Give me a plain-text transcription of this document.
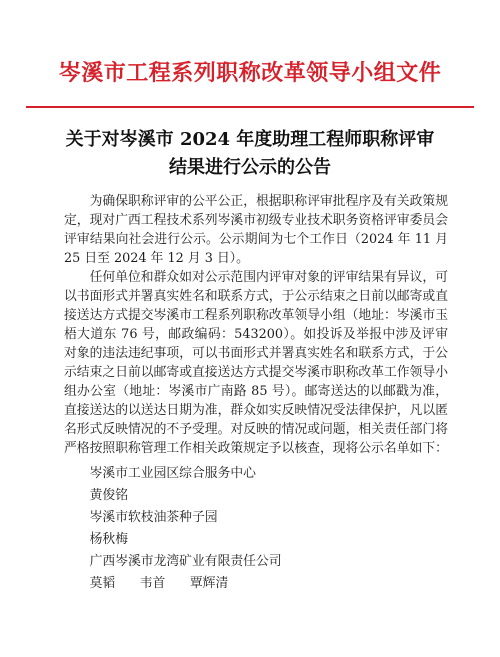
岑溪市工程系列职称改革领导小组文件
关于对岑溪市 2024 年度助理工程师职称评审
结果进行公示的公告

为确保职称评审的公平公正，根据职称评审批程序及有关政策规定，现对广西工程技术系列岑溪市初级专业技术职务资格评审委员会评审结果向社会进行公示。公示期间为七个工作日（2024 年 11 月 25 日至 2024 年 12 月 3 日）。

任何单位和群众如对公示范围内评审对象的评审结果有异议，可以书面形式并署真实姓名和联系方式，于公示结束之日前以邮寄或直接送达方式提交岑溪市工程系列职称改革领导小组（地址：岑溪市玉梧大道东 76 号，邮政编码：543200）。如投诉及举报中涉及评审对象的违法违纪事项，可以书面形式并署真实姓名和联系方式，于公示结束之日前以邮寄或直接送达方式提交岑溪市职称改革工作领导小组办公室（地址：岑溪市广南路 85 号）。邮寄送达的以邮戳为准，直接送达的以送达日期为准，群众如实反映情况受法律保护，凡以匿名形式反映情况的不予受理。对反映的情况或问题，相关责任部门将严格按照职称管理工作相关政策规定予以核查，现将公示名单如下：

岑溪市工业园区综合服务中心
黄俊铭
岑溪市软枝油茶种子园
杨秋梅
广西岑溪市龙湾矿业有限责任公司
莫韬 韦首 覃辉清
